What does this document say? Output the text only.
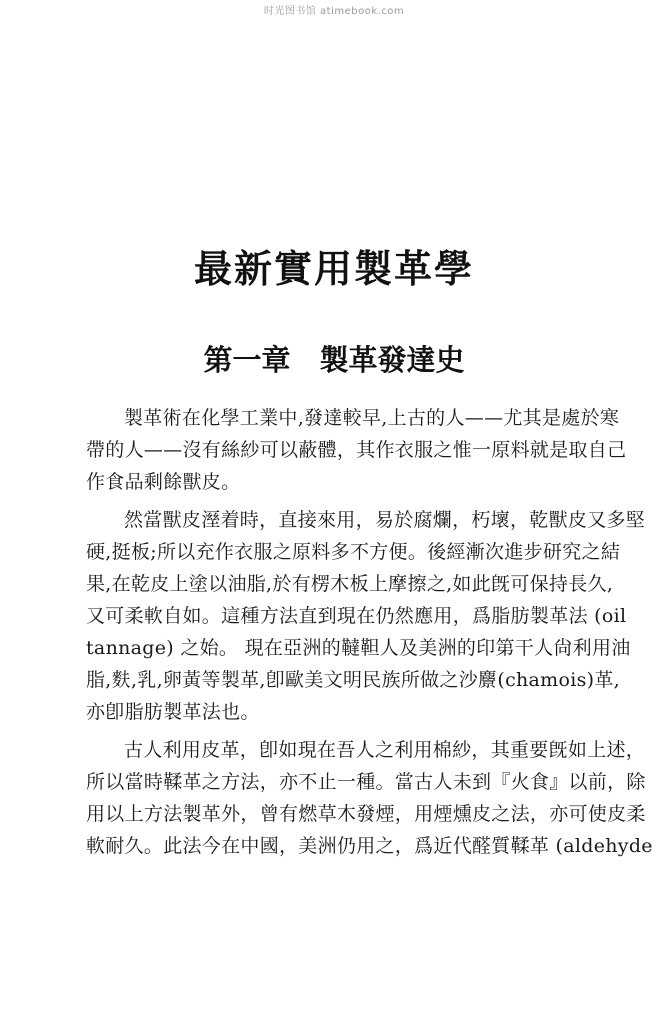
时光图书馆 atimebook.com
最新實用製革學
第一章　製革發達史
製革術在化學工業中,發達較早,上古的人——尤其是處於寒
帶的人——沒有絲紗可以蔽體，其作衣服之惟一原料就是取自己
作食品剩餘獸皮。
然當獸皮溼着時，直接來用，易於腐爛，朽壞，乾獸皮又多堅
硬,挺板;所以充作衣服之原料多不方便。後經漸次進步研究之結
果,在乾皮上塗以油脂,於有楞木板上摩擦之,如此旣可保持長久,
又可柔軟自如。這種方法直到現在仍然應用，爲脂肪製革法 (oil
tannage) 之始。 現在亞洲的韃靼人及美洲的印第干人尙利用油
脂,麩,乳,卵黃等製革,卽歐美文明民族所做之沙麖(chamois)革,
亦卽脂肪製革法也。
古人利用皮革，卽如現在吾人之利用棉紗，其重要旣如上述，
所以當時鞣革之方法，亦不止一種。當古人未到『火食』以前，除
用以上方法製革外，曾有燃草木發煙，用煙燻皮之法，亦可使皮柔
軟耐久。此法今在中國，美洲仍用之，爲近代醛質鞣革 (aldehyde
